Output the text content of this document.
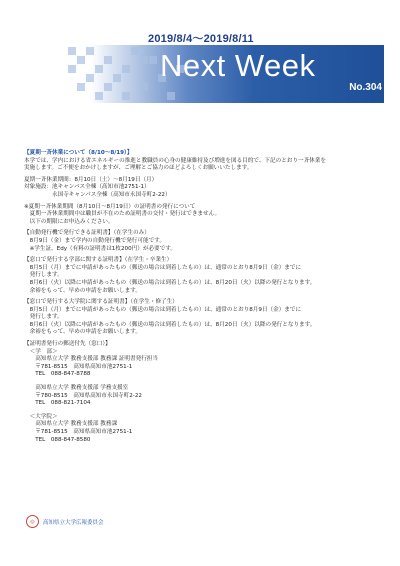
2019/8/4～2019/8/11
Next Week
No.304

【夏期一斉休業について（8/10～8/19）】

本学では、学内における省エネルギーの推進と教職員の心身の健康維持及び増進を図る目的で、下記のとおり一斉休業を

実施します。ご不便をおかけしますが、ご理解とご協力のほどよろしくお願いいたします。

夏期一斉休業期間：8月10日（土）～8月19日（月）

対象施設：池キャンパス全棟（高知市池2751-1）

　　　　　永国寺キャンパス全棟（高知市永国寺町2-22）

※夏期一斉休業期間（8月10日～8月19日）の証明書の発行について

　夏期一斉休業期間中は職員が不在のため証明書の交付・発行はできません。

　以下の期限にお申込みください。

【自動発行機で発行できる証明書】（在学生のみ）

　8月9日（金）まで学内の自動発行機で発行可能です。

　※学生証、Edy（有料の証明書は1枚200円）が必要です。

【窓口で発行する学部に関する証明書】（在学生・卒業生）

　8月5日（月）までに申請があったもの（郵送の場合は到着したもの）は、通常のとおり8月9日（金）までに

　発行します。

　8月6日（火）以降に申請があったもの（郵送の場合は到着したもの）は、8月20日（火）以降の発行となります。

　余裕をもって、早めの申請をお願いします。

【窓口で発行する大学院に関する証明書】（在学生・修了生）

　8月5日（月）までに申請があったもの（郵送の場合は到着したもの）は、通常のとおり8月9日（金）までに

　発行します。

　8月6日（火）以降に申請があったもの（郵送の場合は到着したもの）は、8月20日（火）以降の発行となります。

　余裕をもって、早めの申請をお願いします。

【証明書発行の郵送付先（窓口）】

　＜学　部＞

　　高知県立大学 教務支援部 教務課 証明書発行担当

　　〒781-8515　高知県高知市池2751-1

　　TEL　088-847-8788

　　高知県立大学 教務支援部 学務支援室

　　〒780-8515　高知県高知市永国寺町2-22

　　TEL　088-821-7104

　＜大学院＞

　　高知県立大学 教務支援部 教務課

　　〒781-8515　高知県高知市池2751-1

　　TEL　088-847-8580

◎	高知県立大学広報委員会
